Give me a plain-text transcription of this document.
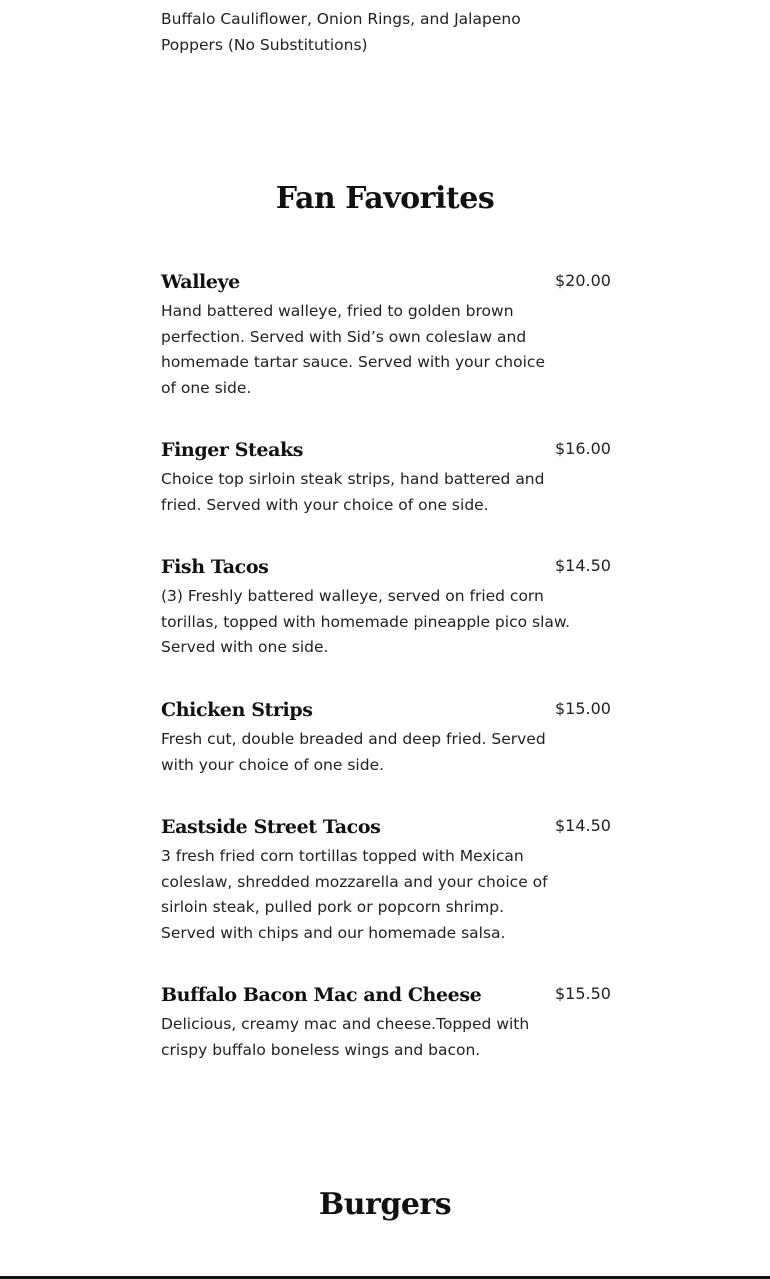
Buffalo Cauliflower, Onion Rings, and Jalapeno Poppers (No Substitutions)
Fan Favorites
Walleye	$20.00
Hand battered walleye, fried to golden brown perfection. Served with Sid’s own coleslaw and homemade tartar sauce. Served with your choice of one side.
Finger Steaks	$16.00
Choice top sirloin steak strips, hand battered and fried. Served with your choice of one side.
Fish Tacos	$14.50
(3) Freshly battered walleye, served on fried corn torillas, topped with homemade pineapple pico slaw. Served with one side.
Chicken Strips	$15.00
Fresh cut, double breaded and deep fried. Served with your choice of one side.
Eastside Street Tacos	$14.50
3 fresh fried corn tortillas topped with Mexican coleslaw, shredded mozzarella and your choice of sirloin steak, pulled pork or popcorn shrimp. Served with chips and our homemade salsa.
Buffalo Bacon Mac and Cheese	$15.50
Delicious, creamy mac and cheese.Topped with crispy buffalo boneless wings and bacon.
Burgers
